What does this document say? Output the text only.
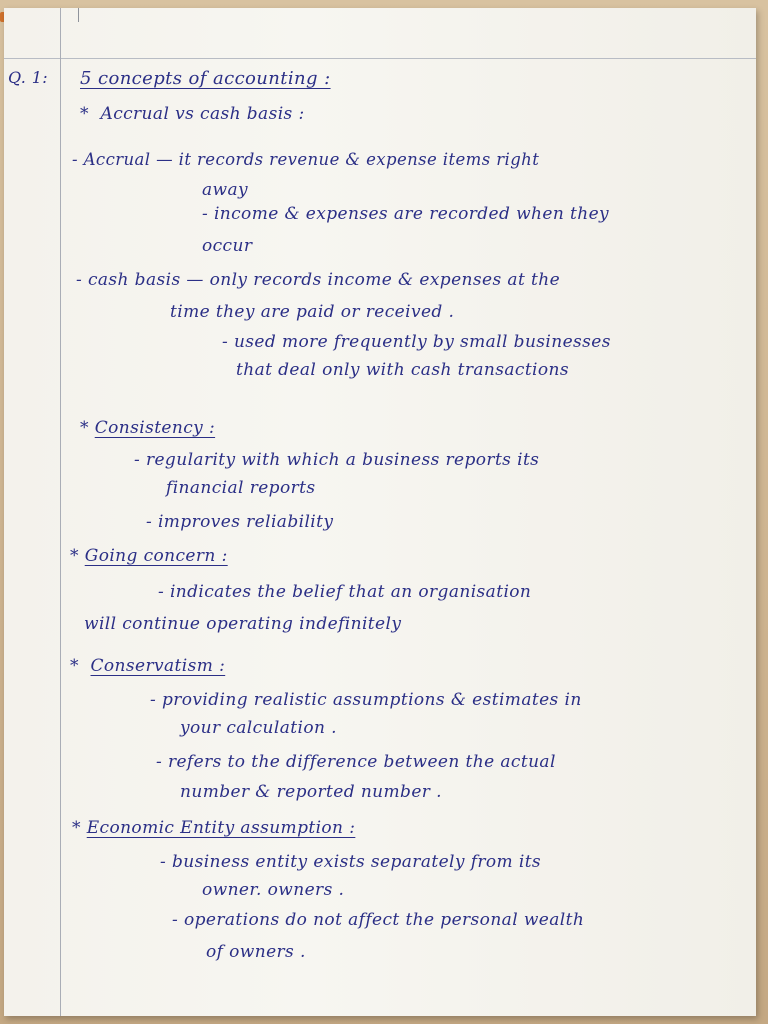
Q. 1: 5 concepts of accounting :
* Accrual vs cash basis :
- Accrual — it records revenue & expense items right
away
- income & expenses are recorded when they
occur
- cash basis — only records income & expenses at the
time they are paid or received .
- used more frequently by small businesses
that deal only with cash transactions
* Consistency :
- regularity with which a business reports its
financial reports
- improves reliability
* Going concern :
- indicates the belief that an organisation
will continue operating indefinitely
* Conservatism :
- providing realistic assumptions & estimates in
your calculation .
- refers to the difference between the actual
number & reported number .
* Economic Entity assumption :
- business entity exists separately from its
owner. owners .
- operations do not affect the personal wealth
of owners .
